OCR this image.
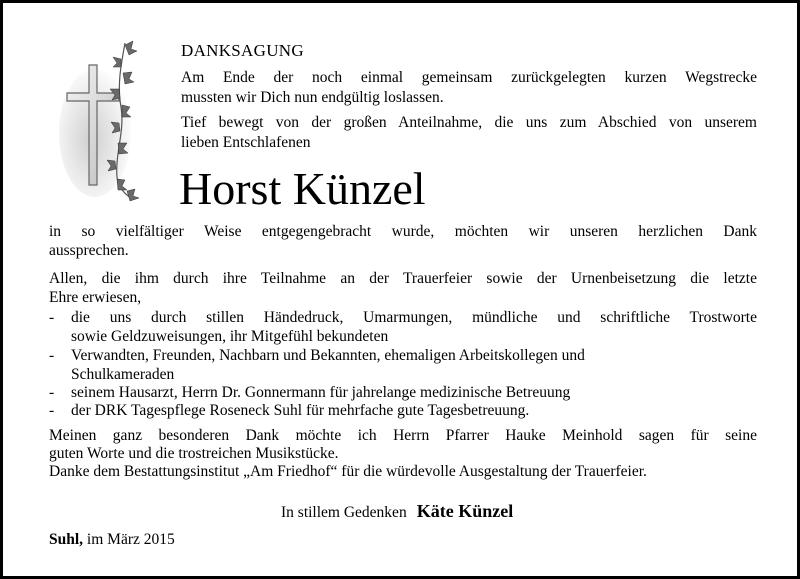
DANKSAGUNG
Am Ende der noch einmal gemeinsam zurückgelegten kurzen Wegstrecke
mussten wir Dich nun endgültig loslassen.
Tief bewegt von der großen Anteilnahme, die uns zum Abschied von unserem
lieben Entschlafenen
Horst Künzel
in so vielfältiger Weise entgegengebracht wurde, möchten wir unseren herzlichen Dank
aussprechen.
Allen, die ihm durch ihre Teilnahme an der Trauerfeier sowie der Urnenbeisetzung die letzte
Ehre erwiesen,
- die uns durch stillen Händedruck, Umarmungen, mündliche und schriftliche Trostworte
sowie Geldzuweisungen, ihr Mitgefühl bekundeten
- Verwandten, Freunden, Nachbarn und Bekannten, ehemaligen Arbeitskollegen und
Schulkameraden
- seinem Hausarzt, Herrn Dr. Gonnermann für jahrelange medizinische Betreuung
- der DRK Tagespflege Roseneck Suhl für mehrfache gute Tagesbetreuung.
Meinen ganz besonderen Dank möchte ich Herrn Pfarrer Hauke Meinhold sagen für seine
guten Worte und die trostreichen Musikstücke.
Danke dem Bestattungsinstitut „Am Friedhof“ für die würdevolle Ausgestaltung der Trauerfeier.
In stillem Gedenken Käte Künzel
Suhl, im März 2015
